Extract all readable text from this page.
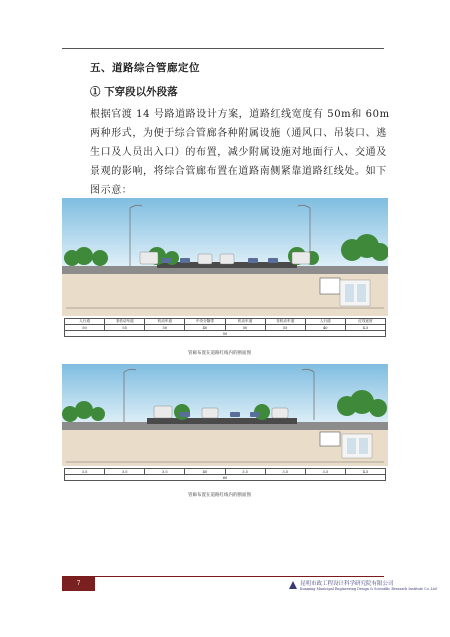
五、道路综合管廊定位
① 下穿段以外段落
根据官渡 14 号路道路设计方案，道路红线宽度有 50m和 60m两种形式，为便于综合管廊各种附属设施（通风口、吊装口、逃生口及人员出入口）的布置，减少附属设施对地面行人、交通及景观的影响，将综合管廊布置在道路南侧紧靠道路红线处。如下图示意：
人行道	非机动车道	机动车道	中央分隔带	机动车道	非机动车道	人行道	红线宽度
50	55	50	40	50	55	40	4.5
50							
管廊布置在道路红线内的断面图
3.5	3.5	3.5	40	3.5	3.5	3.5	4.5
60
管廊布置在道路红线内的断面图
7	昆明市政工程设计科学研究院有限公司
Kunming Municipal Engineering Design & Scientific Research Institute Co.,Ltd
